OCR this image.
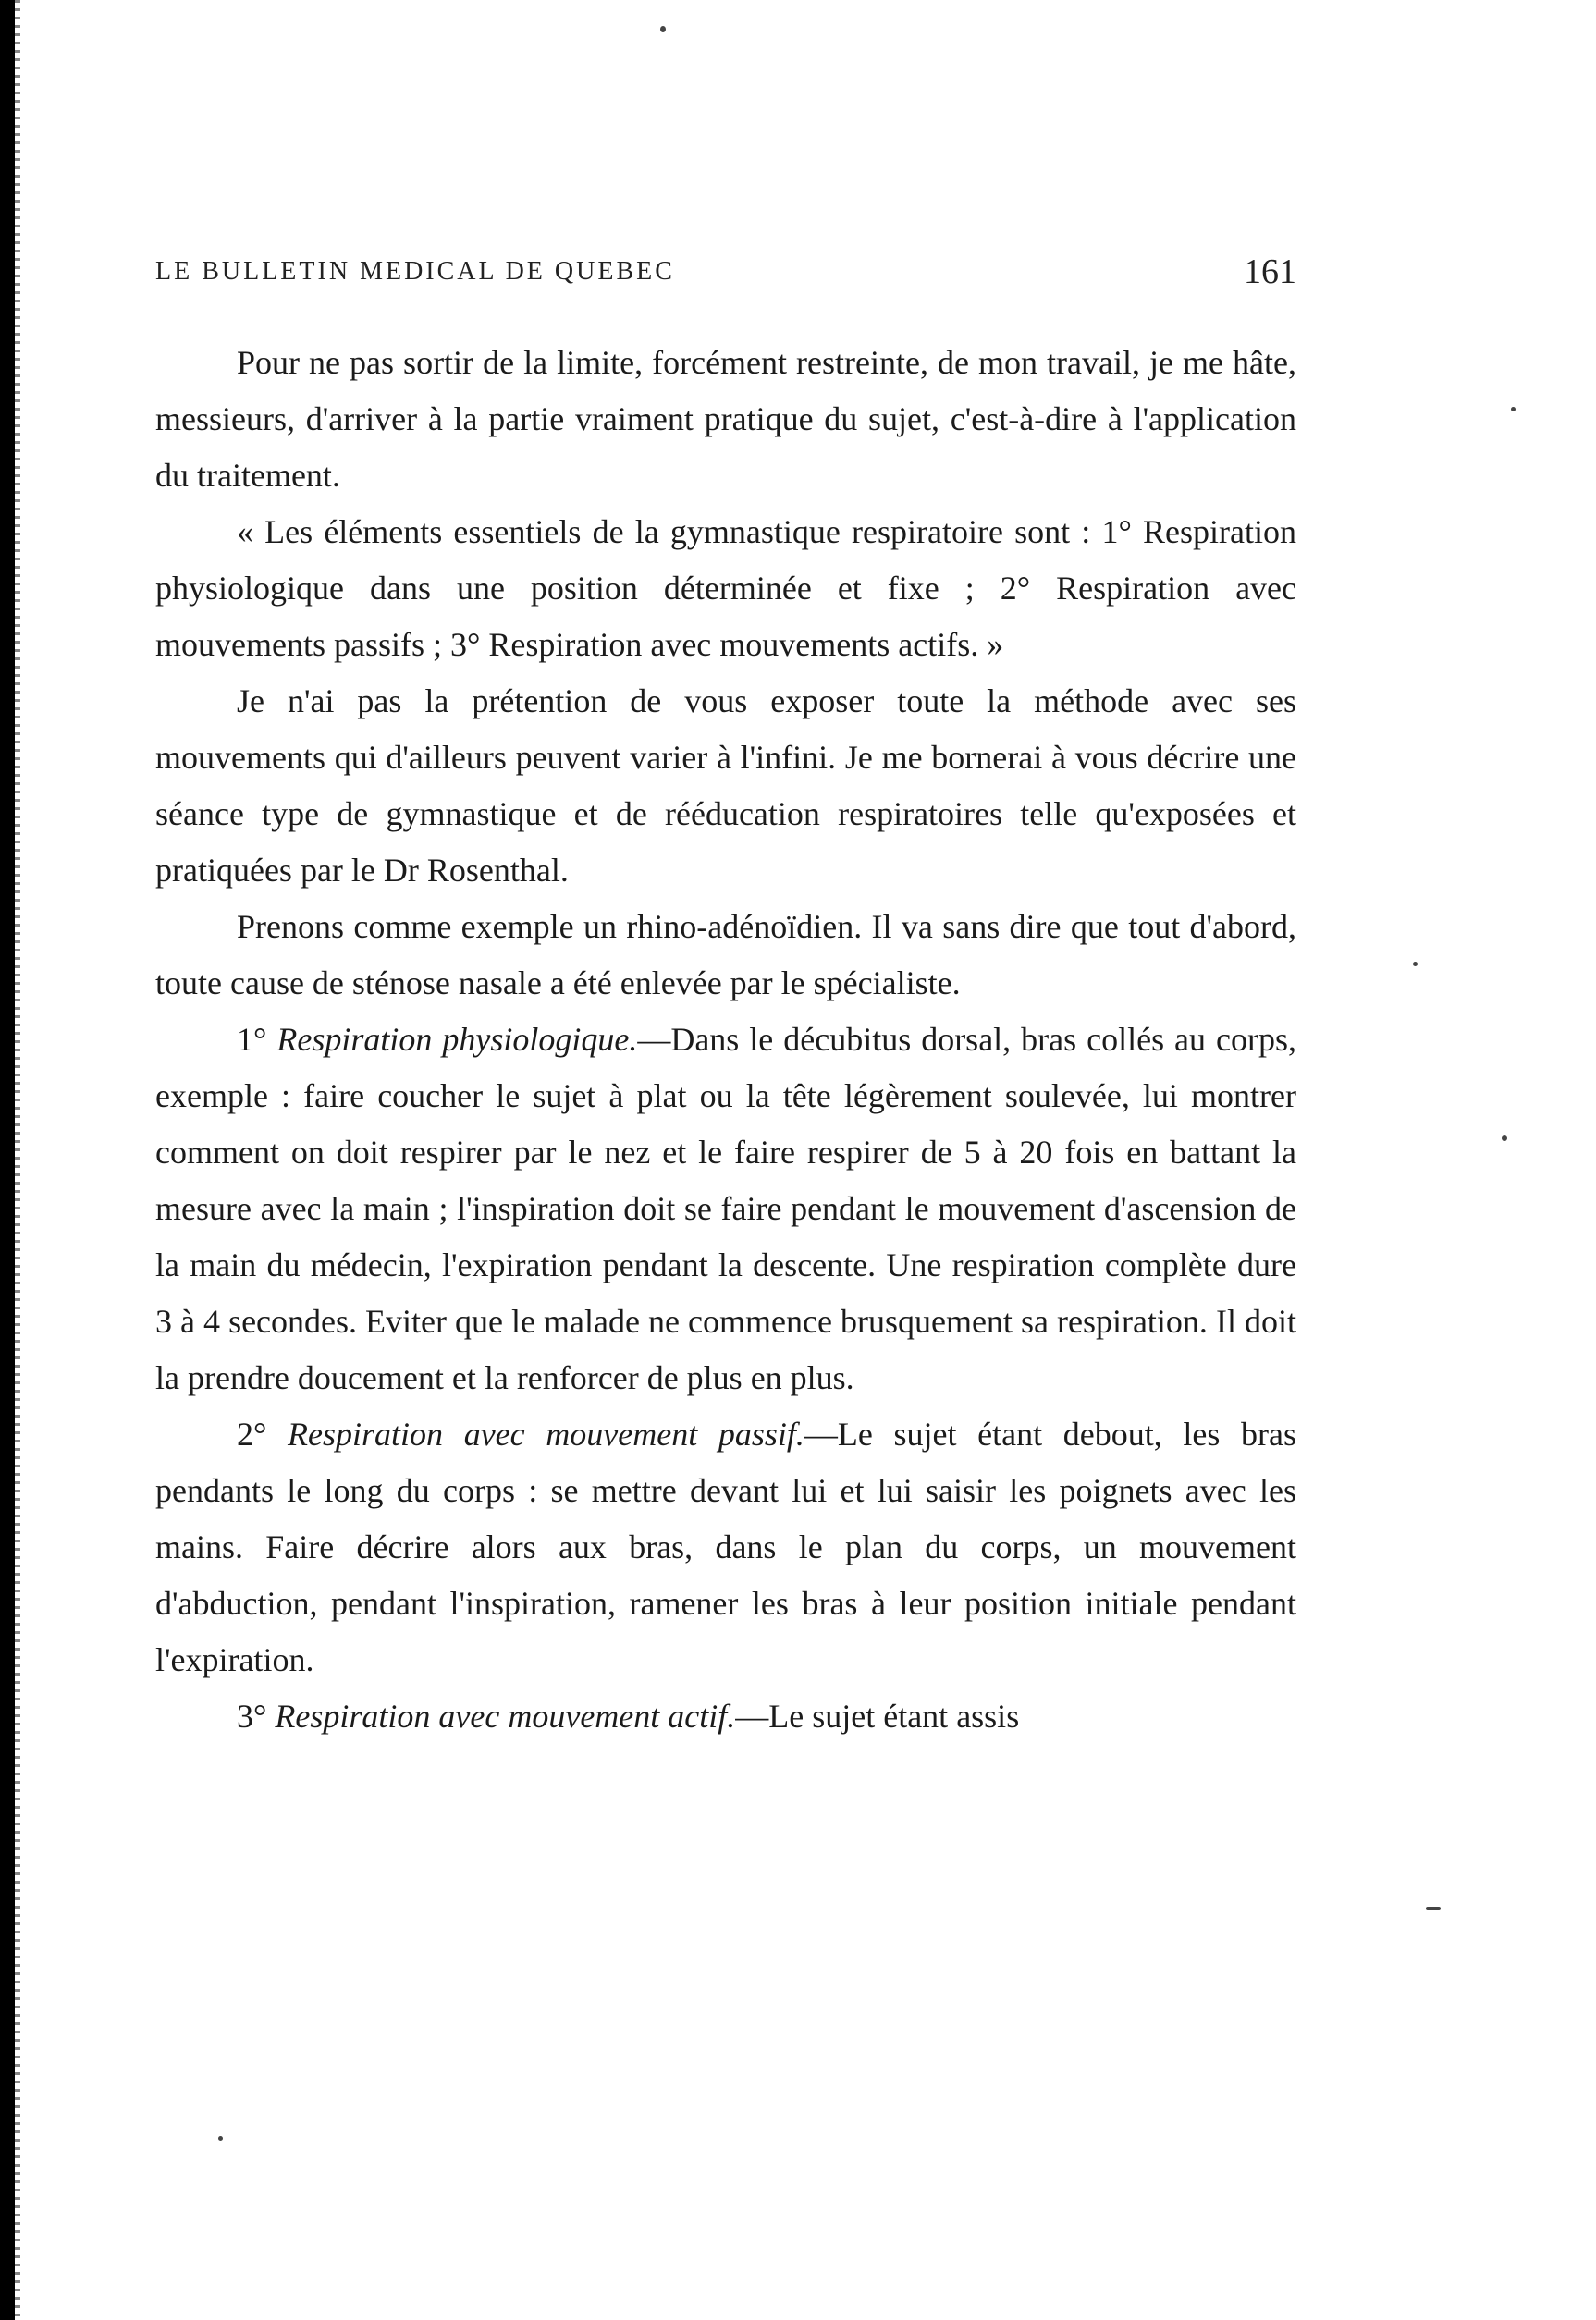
LE BULLETIN MEDICAL DE QUEBEC	161

Pour ne pas sortir de la limite, forcément restreinte, de mon travail, je me hâte, messieurs, d'arriver à la partie vraiment pratique du sujet, c'est-à-dire à l'application du traitement.

« Les éléments essentiels de la gymnastique respiratoire sont : 1° Respiration physiologique dans une position déterminée et fixe ; 2° Respiration avec mouvements passifs ; 3° Respiration avec mouvements actifs. »

Je n'ai pas la prétention de vous exposer toute la méthode avec ses mouvements qui d'ailleurs peuvent varier à l'infini. Je me bornerai à vous décrire une séance type de gymnastique et de rééducation respiratoires telle qu'exposées et pratiquées par le Dr Rosenthal.

Prenons comme exemple un rhino-adénoïdien. Il va sans dire que tout d'abord, toute cause de sténose nasale a été enlevée par le spécialiste.

1° Respiration physiologique.—Dans le décubitus dorsal, bras collés au corps, exemple : faire coucher le sujet à plat ou la tête légèrement soulevée, lui montrer comment on doit respirer par le nez et le faire respirer de 5 à 20 fois en battant la mesure avec la main ; l'inspiration doit se faire pendant le mouvement d'ascension de la main du médecin, l'expiration pendant la descente. Une respiration complète dure 3 à 4 secondes. Eviter que le malade ne commence brusquement sa respiration. Il doit la prendre doucement et la renforcer de plus en plus.

2° Respiration avec mouvement passif.—Le sujet étant debout, les bras pendants le long du corps : se mettre devant lui et lui saisir les poignets avec les mains. Faire décrire alors aux bras, dans le plan du corps, un mouvement d'abduction, pendant l'inspiration, ramener les bras à leur position initiale pendant l'expiration.

3° Respiration avec mouvement actif.—Le sujet étant assis
